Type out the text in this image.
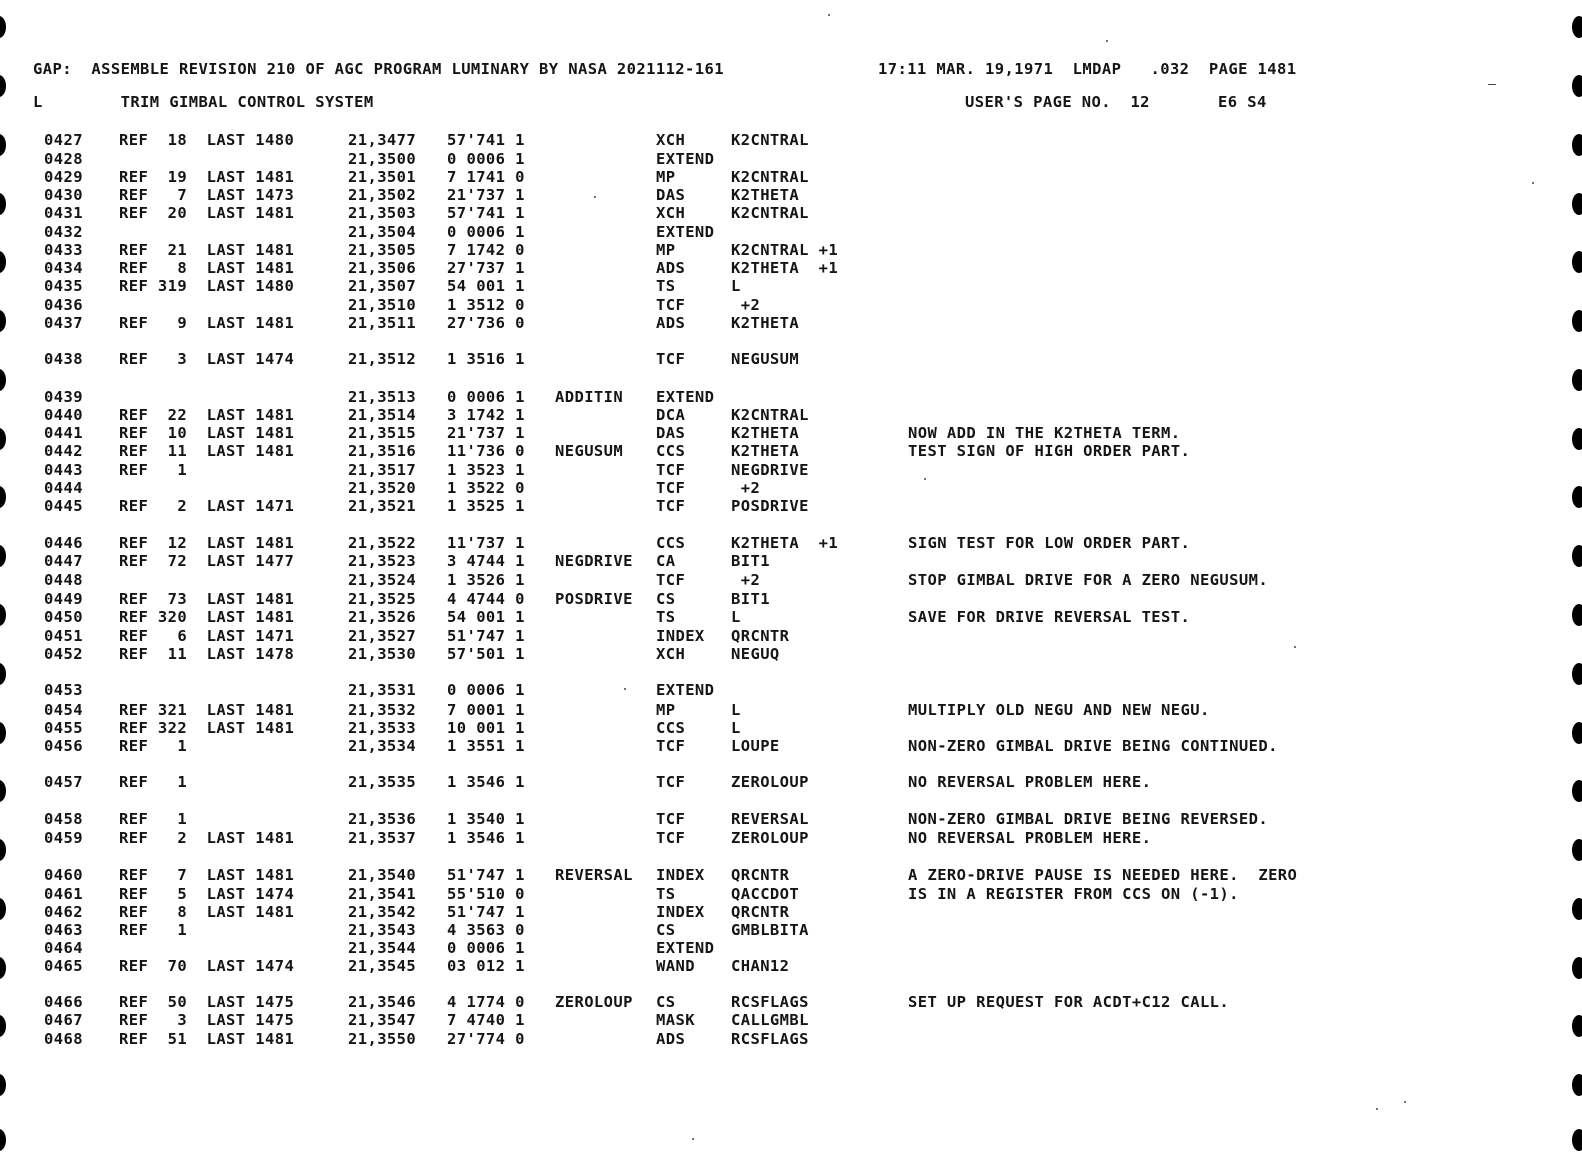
GAP:  ASSEMBLE REVISION 210 OF AGC PROGRAM LUMINARY BY NASA 2021112-161	17:11 MAR. 19,1971  LMDAP   .032  PAGE 1481
L        TRIM GIMBAL CONTROL SYSTEM	USER'S PAGE NO.  12       E6 S4
0427 REF  18  LAST 1480	21,3477 57'741 1	XCH	K2CNTRAL
0428	21,3500 0 0006 1	EXTEND
0429 REF  19  LAST 1481	21,3501 7 1741 0	MP	K2CNTRAL
0430 REF   7  LAST 1473	21,3502 21'737 1	DAS	K2THETA
0431 REF  20  LAST 1481	21,3503 57'741 1	XCH	K2CNTRAL
0432	21,3504 0 0006 1	EXTEND
0433 REF  21  LAST 1481	21,3505 7 1742 0	MP	K2CNTRAL +1
0434 REF   8  LAST 1481	21,3506 27'737 1	ADS	K2THETA  +1
0435 REF 319  LAST 1480	21,3507 54 001 1	TS	L
0436	21,3510 1 3512 0	TCF	+2
0437 REF   9  LAST 1481	21,3511 27'736 0	ADS	K2THETA
0438 REF   3  LAST 1474	21,3512 1 3516 1	TCF	NEGUSUM
0439	21,3513 0 0006 1 ADDITIN EXTEND
0440 REF  22  LAST 1481	21,3514 3 1742 1	DCA	K2CNTRAL
0441 REF  10  LAST 1481	21,3515 21'737 1	DAS	K2THETA	NOW ADD IN THE K2THETA TERM.
0442 REF  11  LAST 1481	21,3516 11'736 0 NEGUSUM CCS	K2THETA	TEST SIGN OF HIGH ORDER PART.
0443 REF   1	21,3517 1 3523 1	TCF	NEGDRIVE
0444	21,3520 1 3522 0	TCF	+2
0445 REF   2  LAST 1471	21,3521 1 3525 1	TCF	POSDRIVE
0446 REF  12  LAST 1481	21,3522 11'737 1	CCS	K2THETA  +1	SIGN TEST FOR LOW ORDER PART.
0447 REF  72  LAST 1477	21,3523 3 4744 1 NEGDRIVE CA	BIT1
0448	21,3524 1 3526 1	TCF	+2	STOP GIMBAL DRIVE FOR A ZERO NEGUSUM.
0449 REF  73  LAST 1481	21,3525 4 4744 0 POSDRIVE CS	BIT1
0450 REF 320  LAST 1481	21,3526 54 001 1	TS	L	SAVE FOR DRIVE REVERSAL TEST.
0451 REF   6  LAST 1471	21,3527 51'747 1	INDEX QRCNTR
0452 REF  11  LAST 1478	21,3530 57'501 1	XCH	NEGUQ
0453	21,3531 0 0006 1	EXTEND
0454 REF 321  LAST 1481	21,3532 7 0001 1	MP	L	MULTIPLY OLD NEGU AND NEW NEGU.
0455 REF 322  LAST 1481	21,3533 10 001 1	CCS	L
0456 REF   1	21,3534 1 3551 1	TCF	LOUPE	NON-ZERO GIMBAL DRIVE BEING CONTINUED.
0457 REF   1	21,3535 1 3546 1	TCF	ZEROLOUP	NO REVERSAL PROBLEM HERE.
0458 REF   1	21,3536 1 3540 1	TCF	REVERSAL	NON-ZERO GIMBAL DRIVE BEING REVERSED.
0459 REF   2  LAST 1481	21,3537 1 3546 1	TCF	ZEROLOUP	NO REVERSAL PROBLEM HERE.
0460 REF   7  LAST 1481	21,3540 51'747 1 REVERSAL INDEX QRCNTR	A ZERO-DRIVE PAUSE IS NEEDED HERE.  ZERO
0461 REF   5  LAST 1474	21,3541 55'510 0	TS	QACCDOT	IS IN A REGISTER FROM CCS ON (-1).
0462 REF   8  LAST 1481	21,3542 51'747 1	INDEX QRCNTR
0463 REF   1	21,3543 4 3563 0	CS	GMBLBITA
0464	21,3544 0 0006 1	EXTEND
0465 REF  70  LAST 1474	21,3545 03 012 1	WAND CHAN12
0466 REF  50  LAST 1475	21,3546 4 1774 0 ZEROLOUP CS	RCSFLAGS	SET UP REQUEST FOR ACDT+C12 CALL.
0467 REF   3  LAST 1475	21,3547 7 4740 1	MASK CALLGMBL
0468 REF  51  LAST 1481	21,3550 27'774 0	ADS	RCSFLAGS
